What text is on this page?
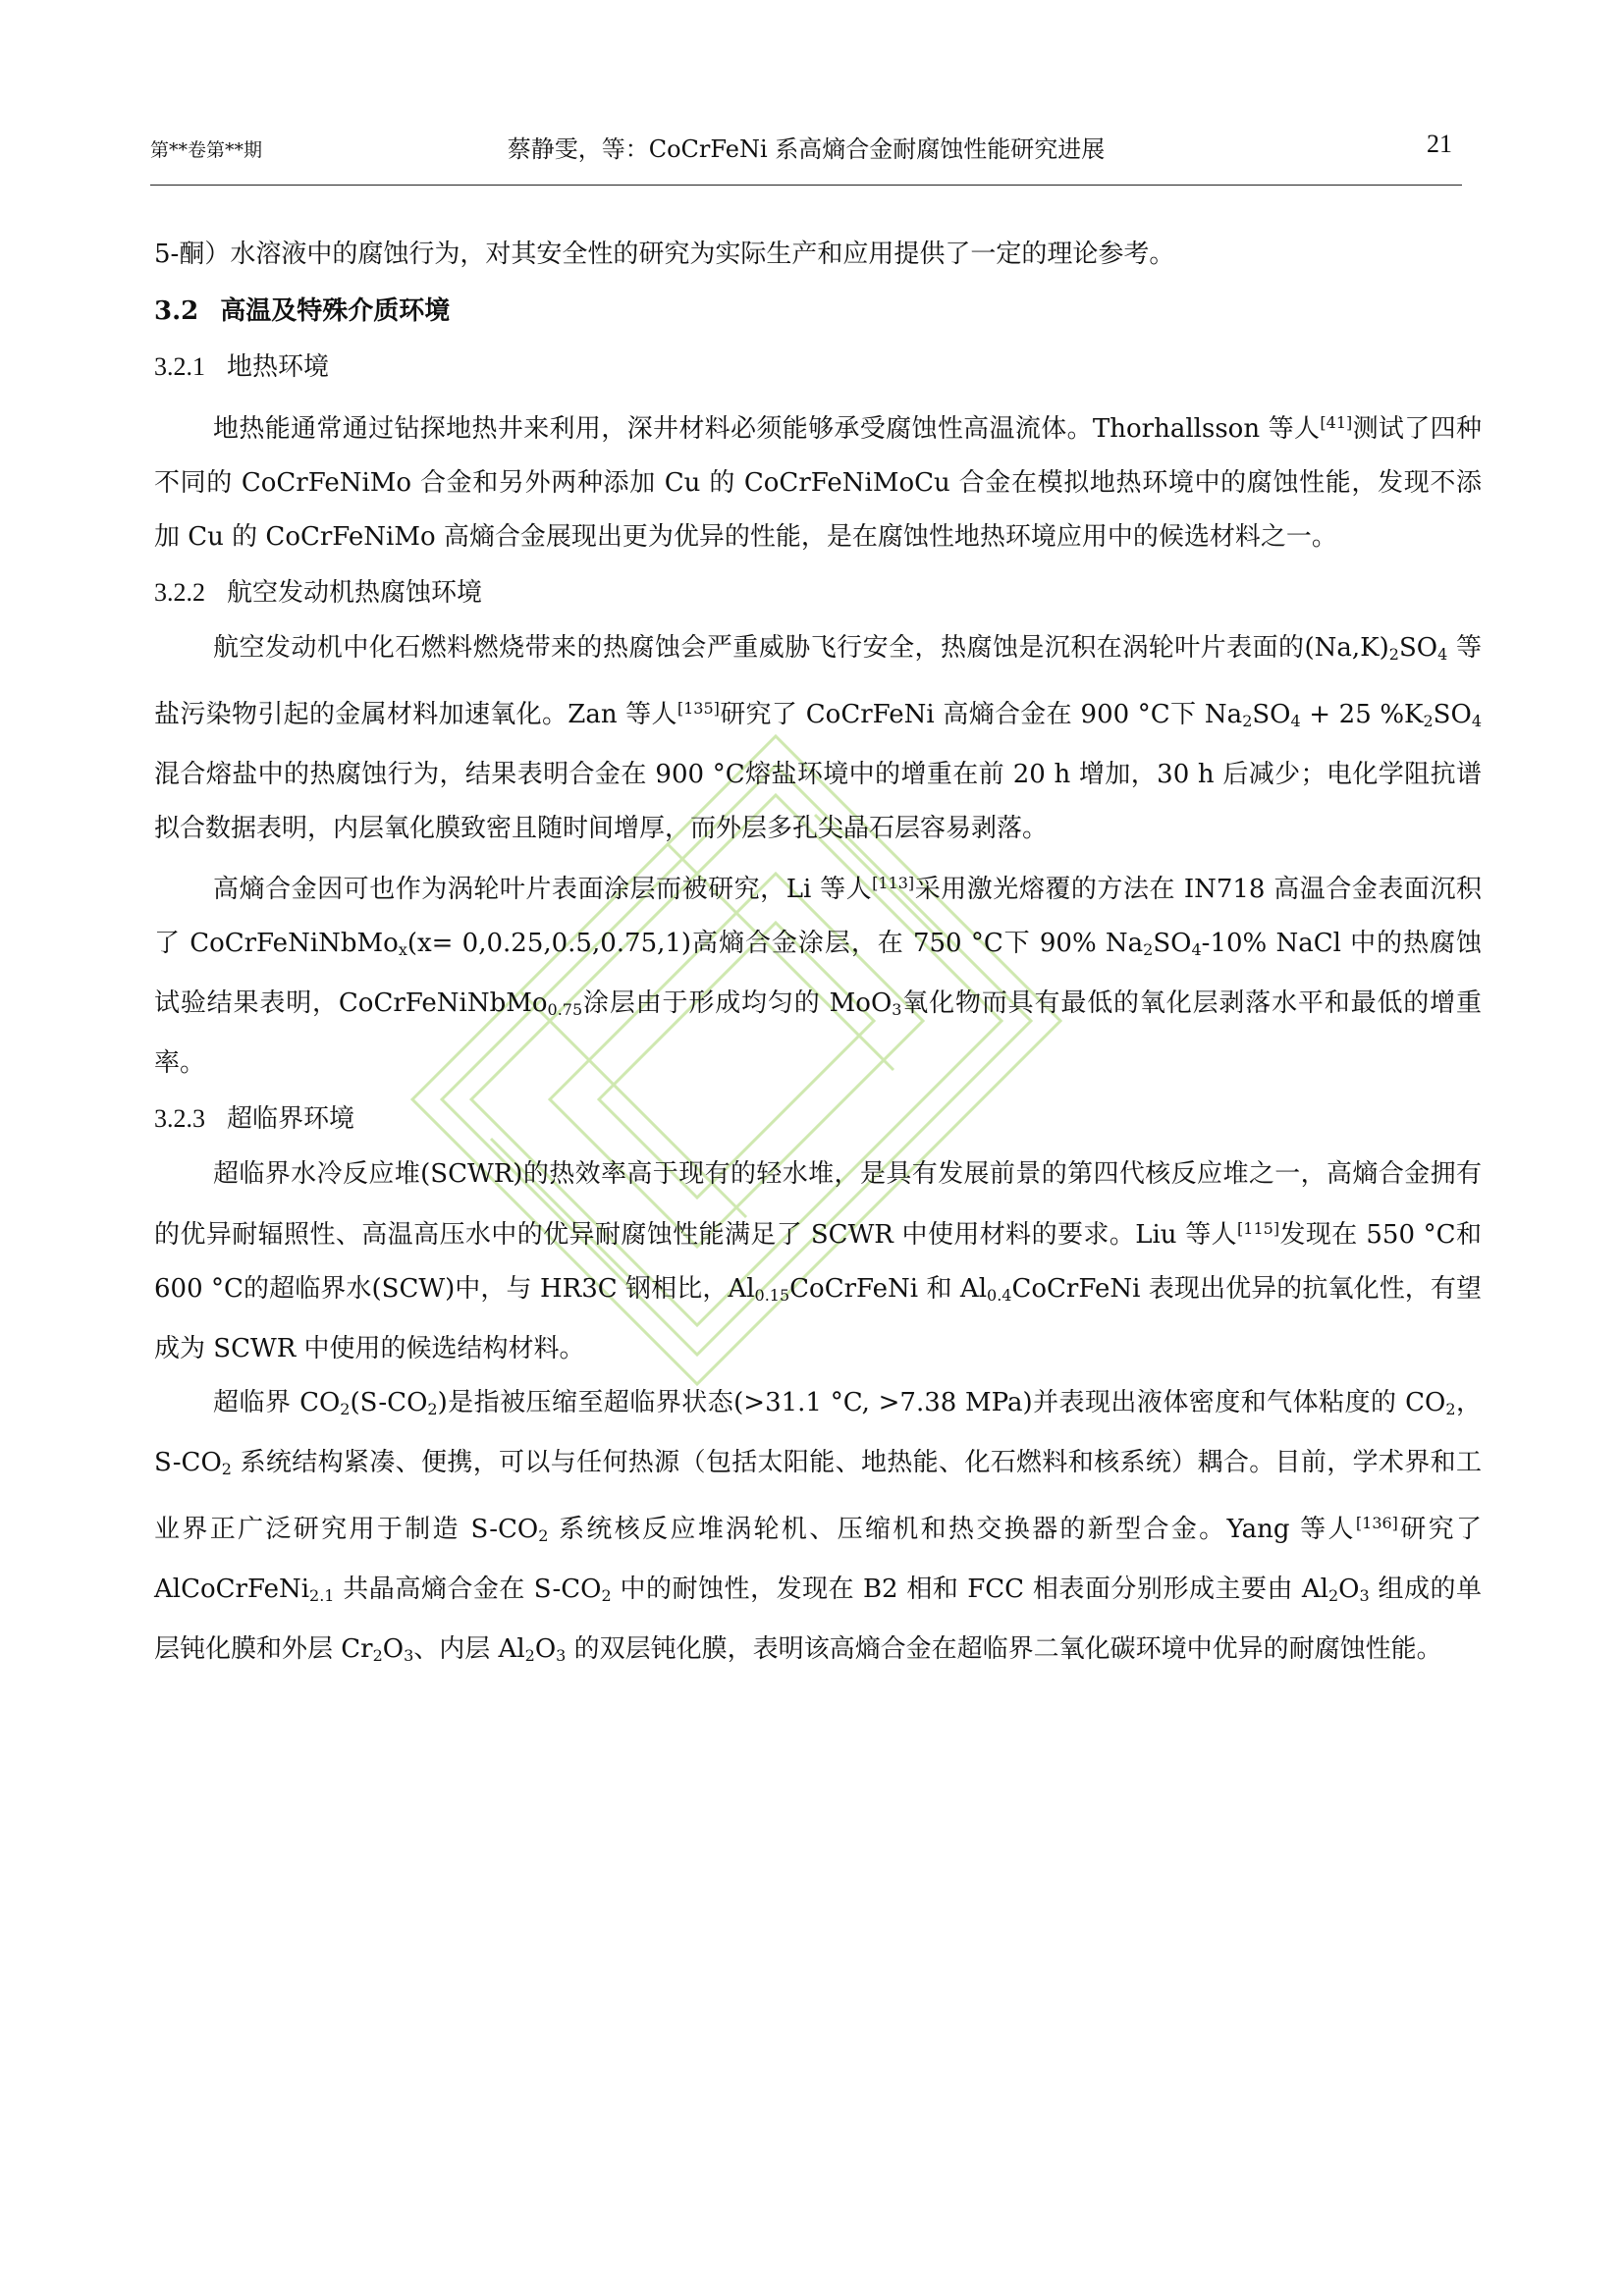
第**卷第**期	蔡静雯，等：CoCrFeNi 系高熵合金耐腐蚀性能研究进展	21

5-酮）水溶液中的腐蚀行为，对其安全性的研究为实际生产和应用提供了一定的理论参考。

3.2 高温及特殊介质环境
3.2.1 地热环境

地热能通常通过钻探地热井来利用，深井材料必须能够承受腐蚀性高温流体。Thorhallsson 等人[41]测试了四种不同的 CoCrFeNiMo 合金和另外两种添加 Cu 的 CoCrFeNiMoCu 合金在模拟地热环境中的腐蚀性能，发现不添加 Cu 的 CoCrFeNiMo 高熵合金展现出更为优异的性能，是在腐蚀性地热环境应用中的候选材料之一。

3.2.2 航空发动机热腐蚀环境

航空发动机中化石燃料燃烧带来的热腐蚀会严重威胁飞行安全，热腐蚀是沉积在涡轮叶片表面的$(Na,K)_2SO_4$ 等盐污染物引起的金属材料加速氧化。Zan 等人[135]研究了 CoCrFeNi 高熵合金在 900 °C下 $Na_2SO_4 + 25$ $\%K_2SO_4$混合熔盐中的热腐蚀行为，结果表明合金在 900 °C熔盐环境中的增重在前 20 h 增加，30 h 后减少；电化学阻抗谱拟合数据表明，内层氧化膜致密且随时间增厚，而外层多孔尖晶石层容易剥落。

高熵合金因可也作为涡轮叶片表面涂层而被研究，Li 等人[113]采用激光熔覆的方法在 IN718 高温合金表面沉积了 CoCrFeNiNbMo$_x$(x= 0,0.25,0.5,0.75,1)高熵合金涂层，在 750 °C下 90% $Na_2SO_4-10\%$ NaCl 中的热腐蚀试验结果表明，CoCrFeNiNbMo$_{0.75}$涂层由于形成均匀的 MoO$_3$氧化物而具有最低的氧化层剥落水平和最低的增重率。

3.2.3 超临界环境

超临界水冷反应堆(SCWR)的热效率高于现有的轻水堆，是具有发展前景的第四代核反应堆之一，高熵合金拥有的优异耐辐照性、高温高压水中的优异耐腐蚀性能满足了 SCWR 中使用材料的要求。Liu 等人[115]发现在 550 °C和 600 °C的超临界水(SCW)中，与 HR3C 钢相比，$Al_{0.15}CoCrFeNi$ 和 $Al_{0.4}CoCrFeNi$ 表现出优异的抗氧化性，有望成为 SCWR 中使用的候选结构材料。

超临界 $CO_2(S-CO_2)$是指被压缩至超临界状态(>31.1 °C, >7.38 MPa)并表现出液体密度和气体粘度的 $CO_2$，$S-CO_2$ 系统结构紧凑、便携，可以与任何热源（包括太阳能、地热能、化石燃料和核系统）耦合。目前，学术界和工业界正广泛研究用于制造 $S-CO_2$ 系统核反应堆涡轮机、压缩机和热交换器的新型合金。Yang 等人[136]研究了 AlCoCrFeNi$_{2.1}$ 共晶高熵合金在 $S-CO_2$ 中的耐蚀性，发现在 B2 相和 FCC 相表面分别形成主要由 $Al_2O_3$ 组成的单层钝化膜和外层 $Cr_2O_3$、内层 $Al_2O_3$ 的双层钝化膜，表明该高熵合金在超临界二氧化碳环境中优异的耐腐蚀性能。
